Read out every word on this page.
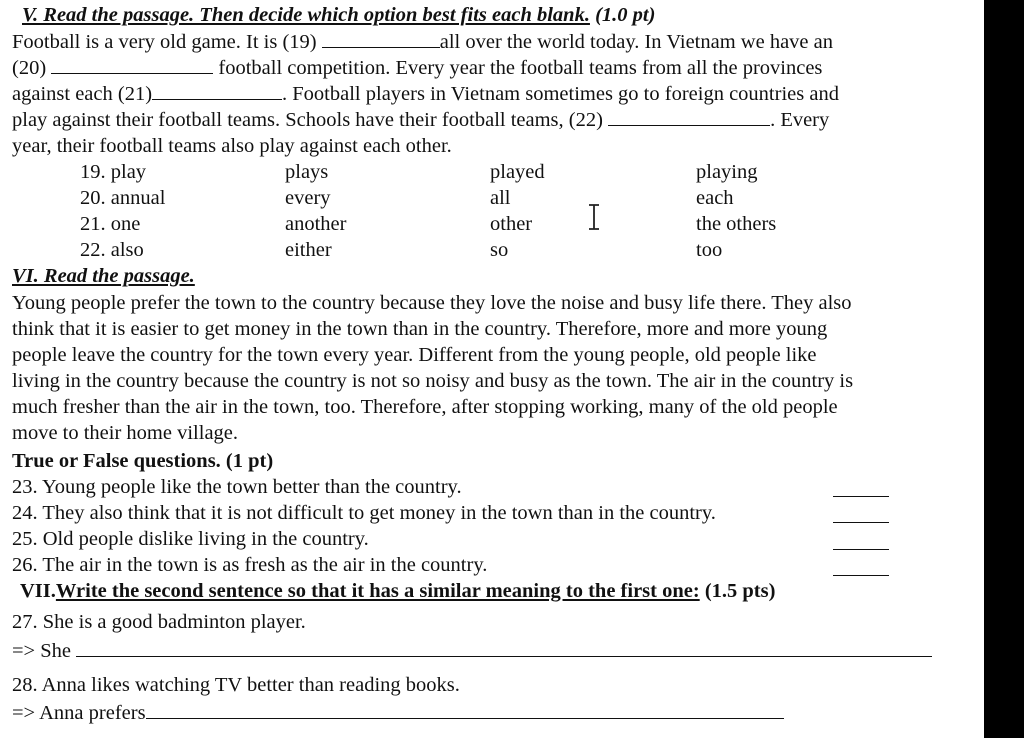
V. Read the passage. Then decide which option best fits each blank. (1.0 pt)
Football is a very old game. It is (19)	all over the world today. In Vietnam we have an
(20)	football competition. Every year the football teams from all the provinces
against each (21)	. Football players in Vietnam sometimes go to foreign countries and
play against their football teams. Schools have their football teams, (22)	. Every
year, their football teams also play against each other.
19. play	plays	played	playing
20. annual	every	all	each
21. one	another	other	the others
22. also	either	so	too
VI. Read the passage.
Young people prefer the town to the country because they love the noise and busy life there. They also
think that it is easier to get money in the town than in the country. Therefore, more and more young
people leave the country for the town every year. Different from the young people, old people like
living in the country because the country is not so noisy and busy as the town. The air in the country is
much fresher than the air in the town, too. Therefore, after stopping working, many of the old people
move to their home village.
True or False questions. (1 pt)
23. Young people like the town better than the country.
24. They also think that it is not difficult to get money in the town than in the country.
25. Old people dislike living in the country.
26. The air in the town is as fresh as the air in the country.
VII.Write the second sentence so that it has a similar meaning to the first one: (1.5 pts)
27. She is a good badminton player.
=> She
28. Anna likes watching TV better than reading books.
=> Anna prefers
